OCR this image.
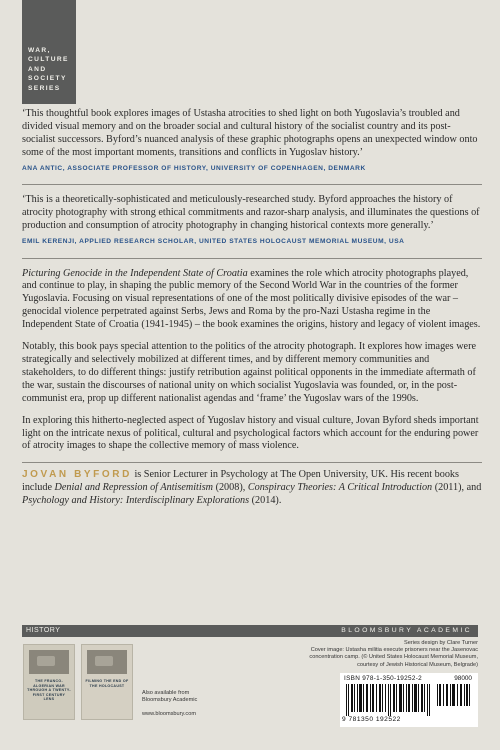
WAR,
CULTURE
AND
SOCIETY
SERIES

‘This thoughtful book explores images of Ustasha atrocities to shed light on both Yugoslavia’s troubled and divided visual memory and on the broader social and cultural history of the socialist country and its post-socialist successors. Byford’s nuanced analysis of these graphic photographs opens an unexpected window onto some of the most important moments, transitions and conflicts in Yugoslav history.’

ANA ANTIC, ASSOCIATE PROFESSOR OF HISTORY, UNIVERSITY OF COPENHAGEN, DENMARK

‘This is a theoretically-sophisticated and meticulously-researched study. Byford approaches the history of atrocity photography with strong ethical commitments and razor-sharp analysis, and illuminates the questions of production and consumption of atrocity photography in changing historical contexts more generally.’

EMIL KERENJI, APPLIED RESEARCH SCHOLAR, UNITED STATES HOLOCAUST MEMORIAL MUSEUM, USA

Picturing Genocide in the Independent State of Croatia examines the role which atrocity photographs played, and continue to play, in shaping the public memory of the Second World War in the countries of the former Yugoslavia. Focusing on visual representations of one of the most politically divisive episodes of the war – genocidal violence perpetrated against Serbs, Jews and Roma by the pro-Nazi Ustasha regime in the Independent State of Croatia (1941-1945) – the book examines the origins, history and legacy of violent images.

Notably, this book pays special attention to the politics of the atrocity photograph. It explores how images were strategically and selectively mobilized at different times, and by different memory communities and stakeholders, to do different things: justify retribution against political opponents in the immediate aftermath of the war, sustain the discourses of national unity on which socialist Yugoslavia was founded, or, in the post-communist era, prop up different nationalist agendas and ‘frame’ the Yugoslav wars of the 1990s.

In exploring this hitherto-neglected aspect of Yugoslav history and visual culture, Jovan Byford sheds important light on the intricate nexus of political, cultural and psychological factors which account for the enduring power of atrocity images to shape the collective memory of mass violence.

JOVAN BYFORD is Senior Lecturer in Psychology at The Open University, UK. His recent books include Denial and Repression of Antisemitism (2008), Conspiracy Theories: A Critical Introduction (2011), and Psychology and History: Interdisciplinary Explorations (2014).

HISTORY	BLOOMSBURY ACADEMIC
THE FRANCO-ALGERIAN WAR THROUGH A TWENTY-FIRST CENTURY LENS
FILMING THE END OF THE HOLOCAUST
Also available from
Bloomsbury Academic
www.bloomsbury.com
Series design by Clare Turner
Cover image: Ustasha militia execute prisoners near the Jasenovac
concentration camp. (© United States Holocaust Memorial Museum,
courtesy of Jewish Historical Museum, Belgrade)
ISBN 978-1-350-19252-2	98000
9 781350 192522
